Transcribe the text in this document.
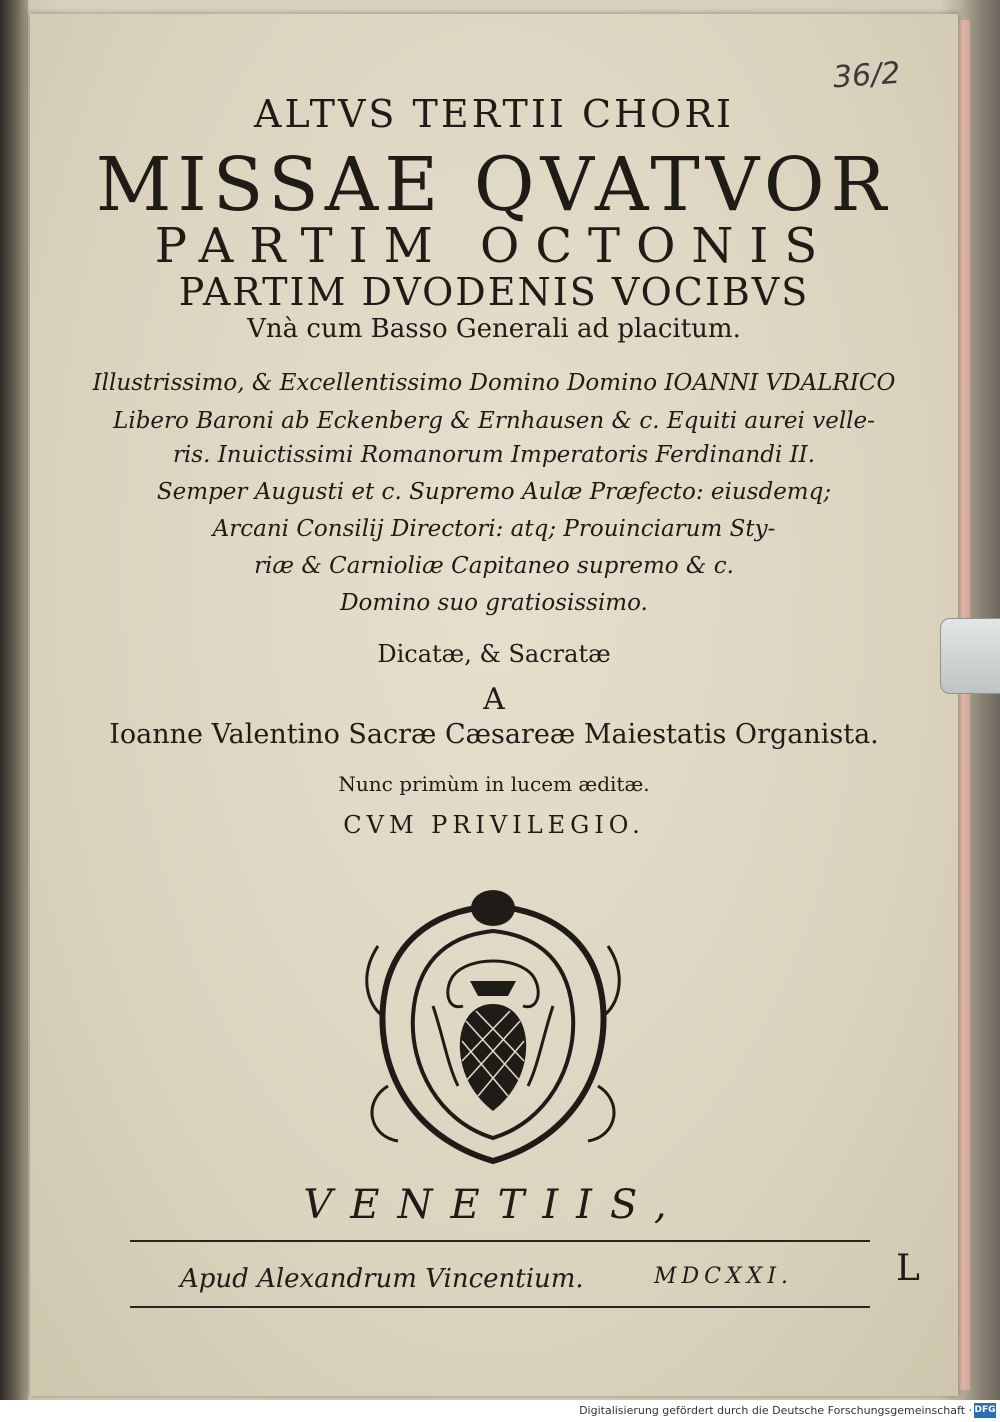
36/2
ALTVS TERTII CHORI
MISSAE QVATVOR
PARTIM OCTONIS
PARTIM DVODENIS VOCIBVS
Vnà cum Basso Generali ad placitum.
Illustrissimo, & Excellentissimo Domino Domino IOANNI VDALRICO
Libero Baroni ab Eckenberg & Ernhausen & c. Equiti aurei velle-
ris. Inuictissimi Romanorum Imperatoris Ferdinandi II.
Semper Augusti et c. Supremo Aulæ Præfecto: eiusdemq;
Arcani Consilij Directori: atq; Prouinciarum Sty-
riæ & Carnioliæ Capitaneo supremo & c.
Domino suo gratiosissimo.
Dicatæ, & Sacratæ
A
Ioanne Valentino Sacræ Cæsareæ Maiestatis Organista.
Nunc primùm in lucem æditæ.
CVM PRIVILEGIO.
VENETIIS,
Apud Alexandrum Vincentium.	MDCXXI.	L
Digitalisierung gefördert durch die Deutsche Forschungsgemeinschaft · DFG
